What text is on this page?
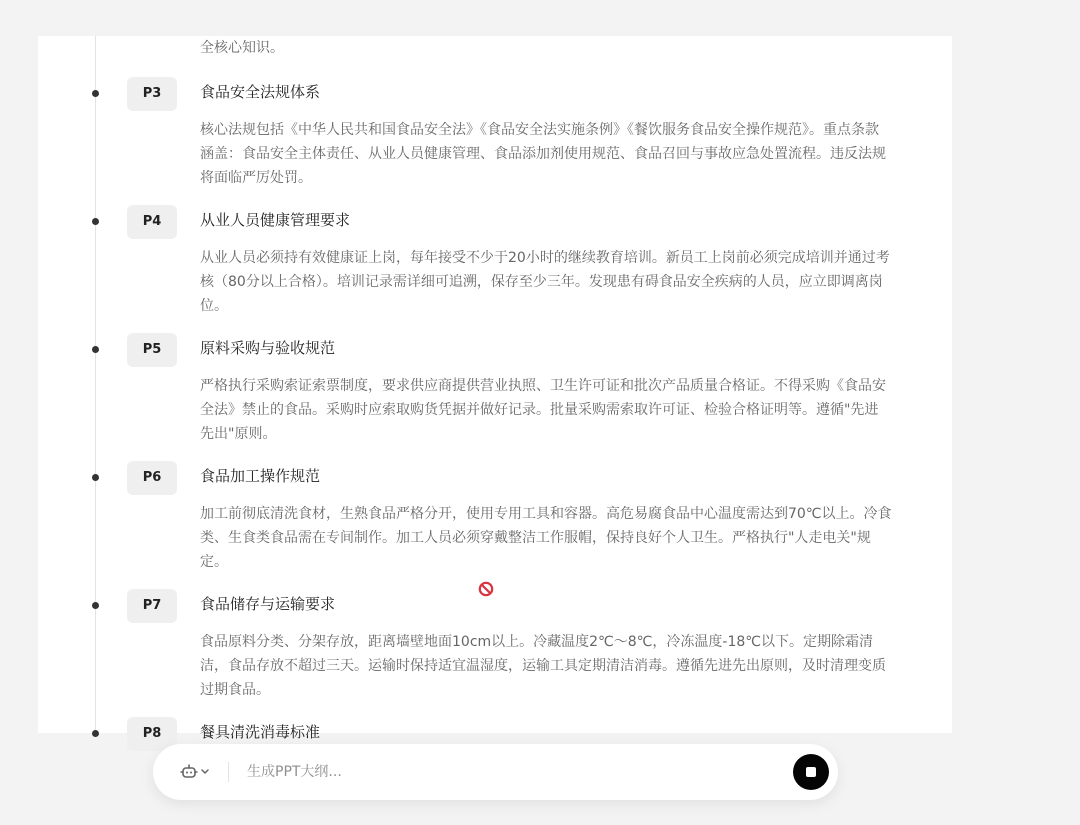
全核心知识。
P3	食品安全法规体系
核心法规包括《中华人民共和国食品安全法》《食品安全法实施条例》《餐饮服务食品安全操作规范》。重点条款涵盖：食品安全主体责任、从业人员健康管理、食品添加剂使用规范、食品召回与事故应急处置流程。违反法规将面临严厉处罚。
P4	从业人员健康管理要求
从业人员必须持有效健康证上岗，每年接受不少于20小时的继续教育培训。新员工上岗前必须完成培训并通过考核（80分以上合格）。培训记录需详细可追溯，保存至少三年。发现患有碍食品安全疾病的人员，应立即调离岗位。
P5	原料采购与验收规范
严格执行采购索证索票制度，要求供应商提供营业执照、卫生许可证和批次产品质量合格证。不得采购《食品安全法》禁止的食品。采购时应索取购货凭据并做好记录。批量采购需索取许可证、检验合格证明等。遵循"先进先出"原则。
P6	食品加工操作规范
加工前彻底清洗食材，生熟食品严格分开，使用专用工具和容器。高危易腐食品中心温度需达到70℃以上。冷食类、生食类食品需在专间制作。加工人员必须穿戴整洁工作服帽，保持良好个人卫生。严格执行"人走电关"规定。
P7	食品储存与运输要求
食品原料分类、分架存放，距离墙壁地面10cm以上。冷藏温度2℃～8℃，冷冻温度-18℃以下。定期除霜清洁，食品存放不超过三天。运输时保持适宜温湿度，运输工具定期清洁消毒。遵循先进先出原则，及时清理变质过期食品。
P8	餐具清洗消毒标准
生成PPT大纲...
